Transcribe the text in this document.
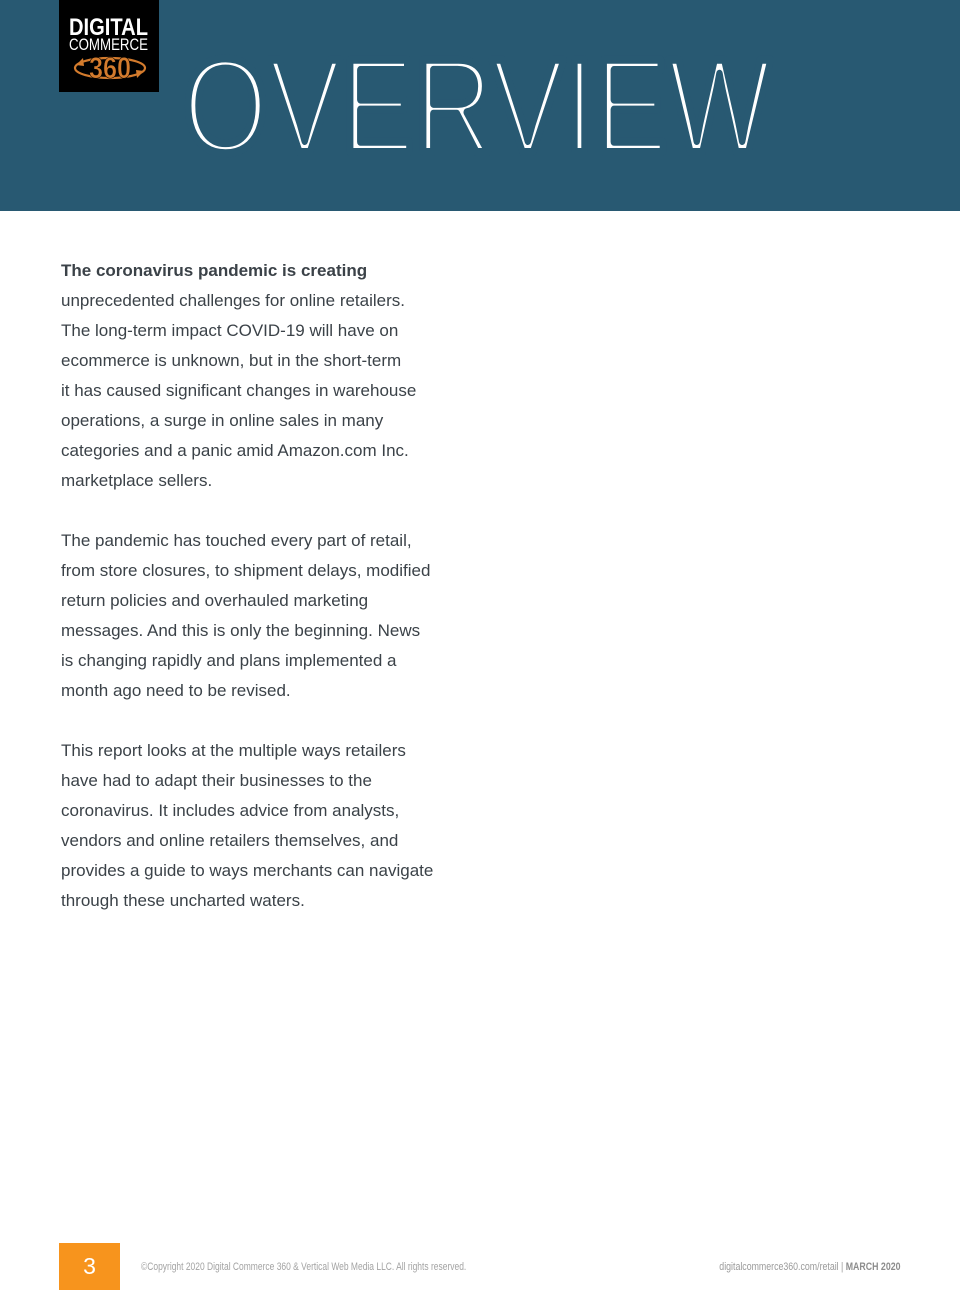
DIGITAL
COMMERCE
360 OVERVIEW

The coronavirus pandemic is creating
unprecedented challenges for online retailers.
The long-term impact COVID-19 will have on
ecommerce is unknown, but in the short-term
it has caused significant changes in warehouse
operations, a surge in online sales in many
categories and a panic amid Amazon.com Inc.
marketplace sellers.

The pandemic has touched every part of retail,
from store closures, to shipment delays, modified
return policies and overhauled marketing
messages. And this is only the beginning. News
is changing rapidly and plans implemented a
month ago need to be revised.

This report looks at the multiple ways retailers
have had to adapt their businesses to the
coronavirus. It includes advice from analysts,
vendors and online retailers themselves, and
provides a guide to ways merchants can navigate
through these uncharted waters.

3	©Copyright 2020 Digital Commerce 360 & Vertical Web Media LLC. All rights reserved.	digitalcommerce360.com/retail | MARCH 2020
